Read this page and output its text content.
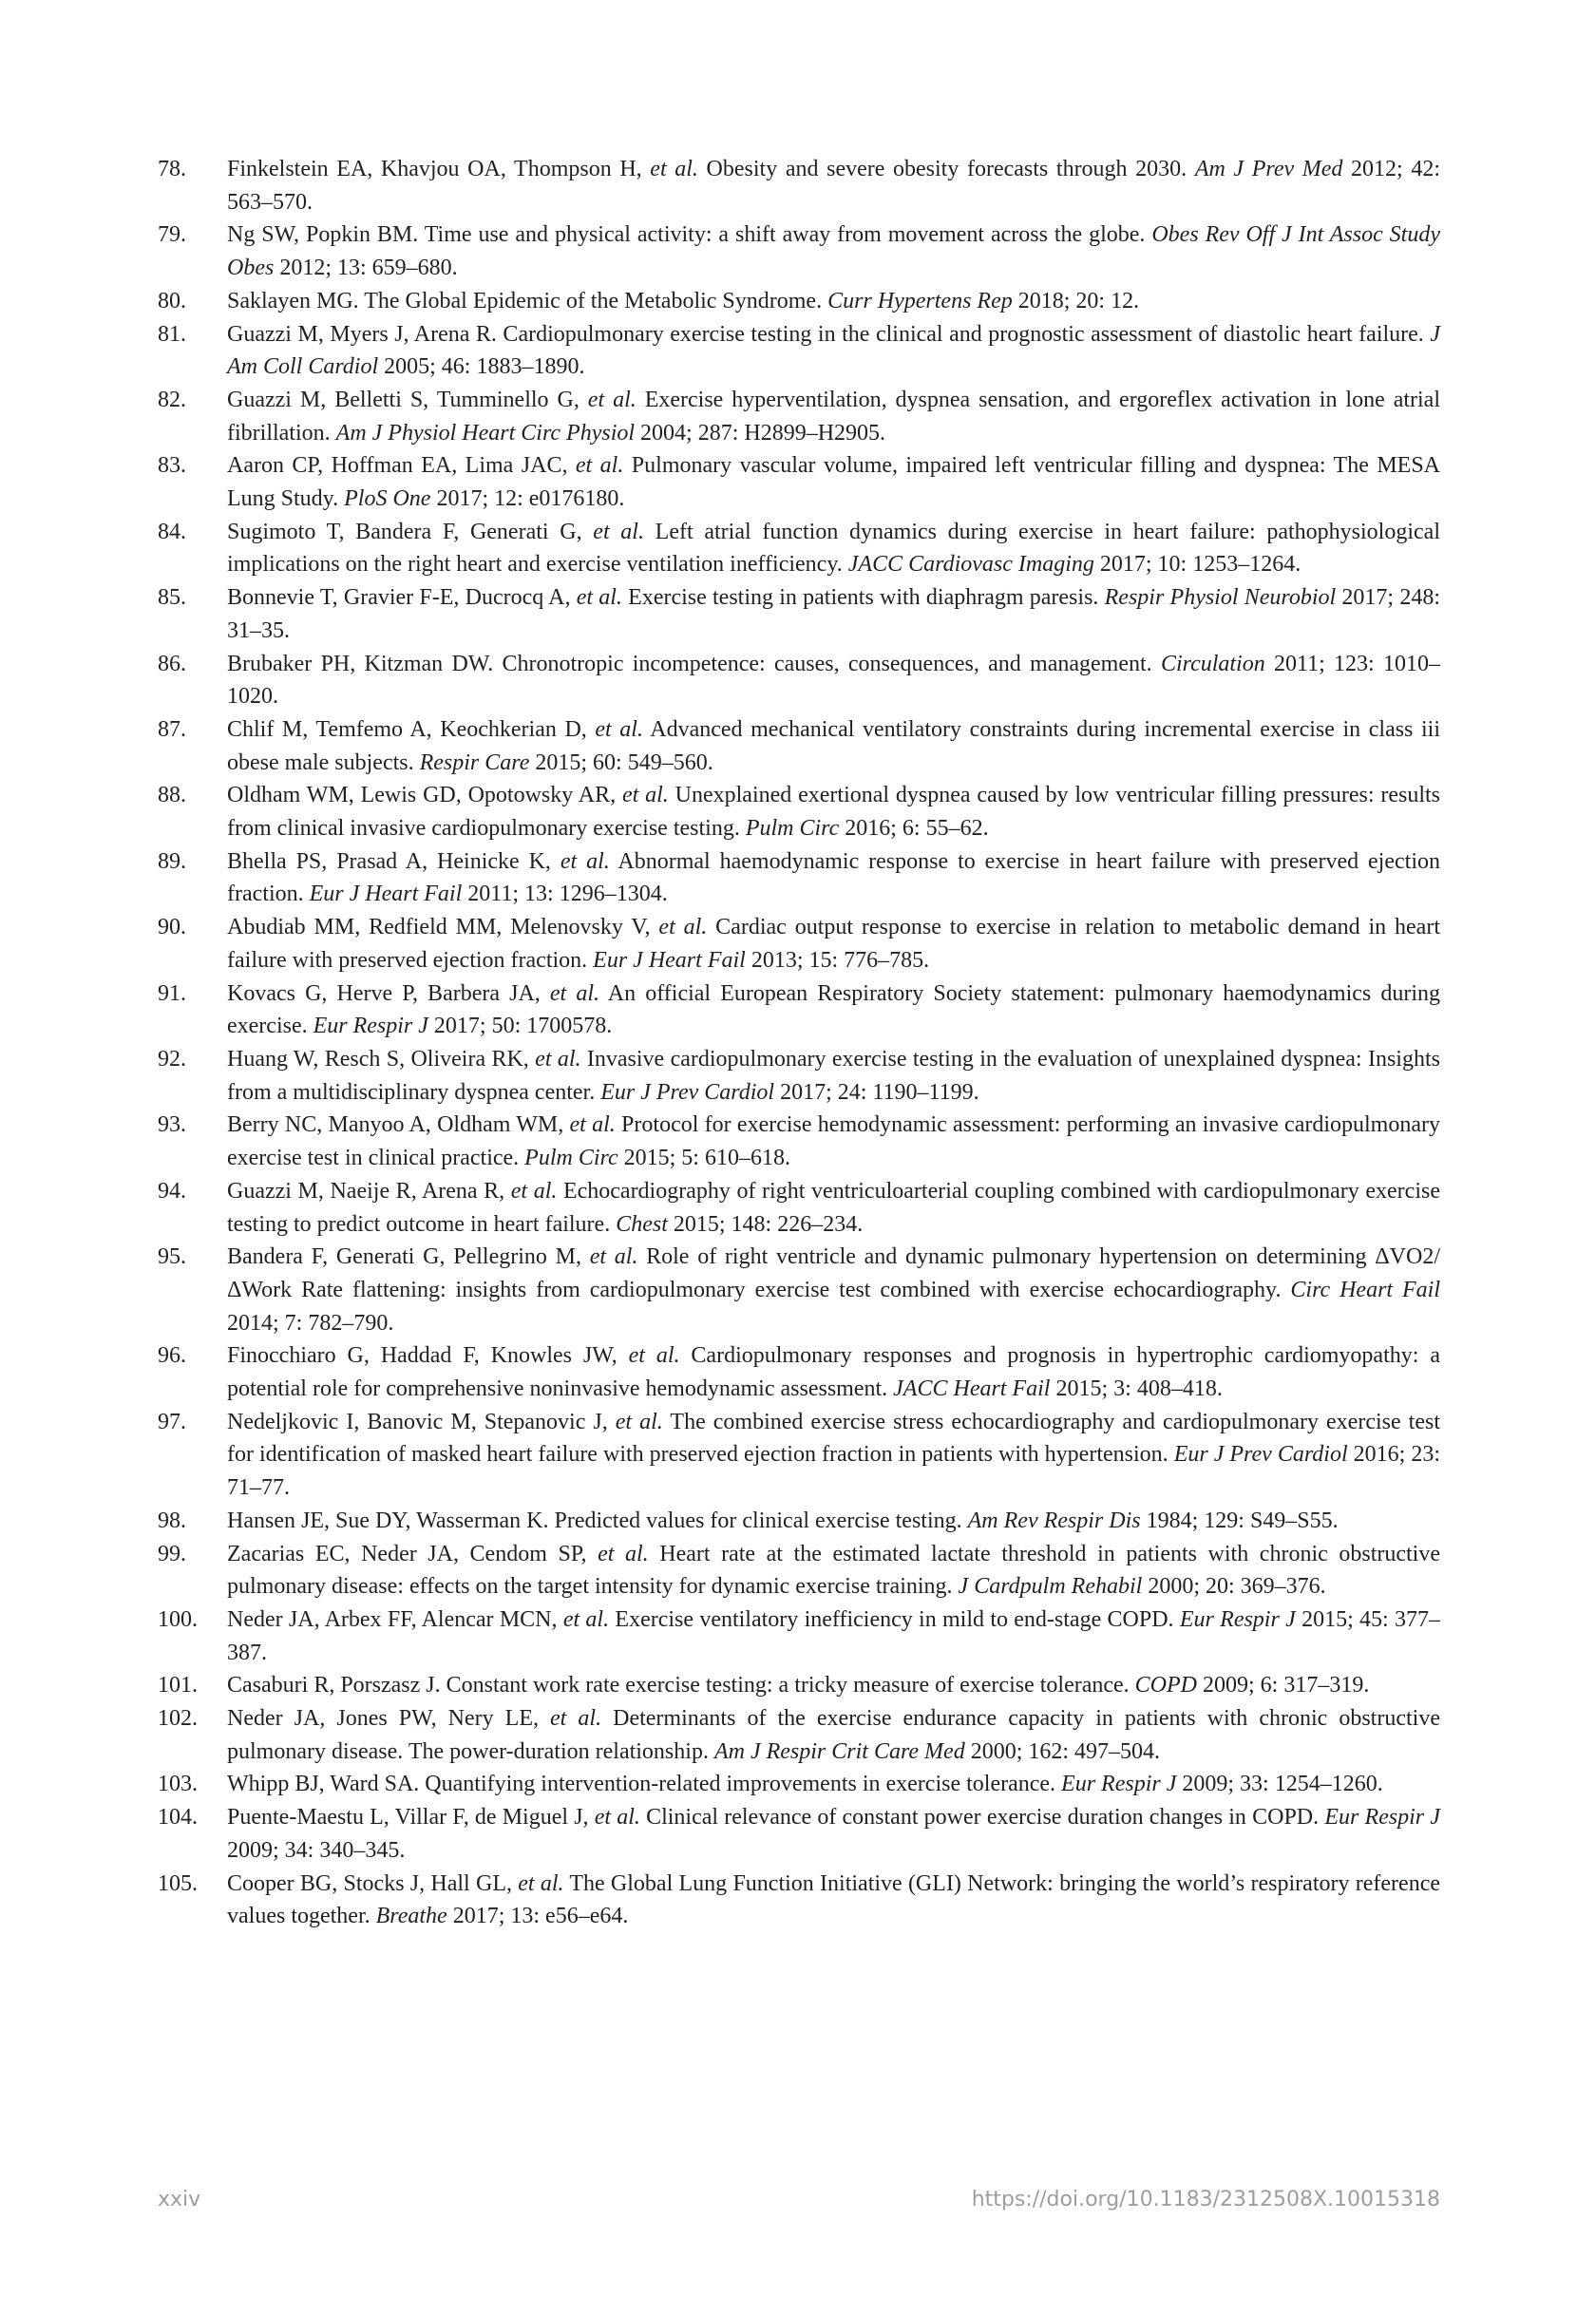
78.	Finkelstein EA, Khavjou OA, Thompson H, et al. Obesity and severe obesity forecasts through 2030. Am J Prev Med 2012; 42: 563–570.
79.	Ng SW, Popkin BM. Time use and physical activity: a shift away from movement across the globe. Obes Rev Off J Int Assoc Study Obes 2012; 13: 659–680.
80.	Saklayen MG. The Global Epidemic of the Metabolic Syndrome. Curr Hypertens Rep 2018; 20: 12.
81.	Guazzi M, Myers J, Arena R. Cardiopulmonary exercise testing in the clinical and prognostic assessment of diastolic heart failure. J Am Coll Cardiol 2005; 46: 1883–1890.
82.	Guazzi M, Belletti S, Tumminello G, et al. Exercise hyperventilation, dyspnea sensation, and ergoreflex activation in lone atrial fibrillation. Am J Physiol Heart Circ Physiol 2004; 287: H2899–H2905.
83.	Aaron CP, Hoffman EA, Lima JAC, et al. Pulmonary vascular volume, impaired left ventricular filling and dyspnea: The MESA Lung Study. PloS One 2017; 12: e0176180.
84.	Sugimoto T, Bandera F, Generati G, et al. Left atrial function dynamics during exercise in heart failure: pathophysiological implications on the right heart and exercise ventilation inefficiency. JACC Cardiovasc Imaging 2017; 10: 1253–1264.
85.	Bonnevie T, Gravier F-E, Ducrocq A, et al. Exercise testing in patients with diaphragm paresis. Respir Physiol Neurobiol 2017; 248: 31–35.
86.	Brubaker PH, Kitzman DW. Chronotropic incompetence: causes, consequences, and management. Circulation 2011; 123: 1010–1020.
87.	Chlif M, Temfemo A, Keochkerian D, et al. Advanced mechanical ventilatory constraints during incremental exercise in class iii obese male subjects. Respir Care 2015; 60: 549–560.
88.	Oldham WM, Lewis GD, Opotowsky AR, et al. Unexplained exertional dyspnea caused by low ventricular filling pressures: results from clinical invasive cardiopulmonary exercise testing. Pulm Circ 2016; 6: 55–62.
89.	Bhella PS, Prasad A, Heinicke K, et al. Abnormal haemodynamic response to exercise in heart failure with preserved ejection fraction. Eur J Heart Fail 2011; 13: 1296–1304.
90.	Abudiab MM, Redfield MM, Melenovsky V, et al. Cardiac output response to exercise in relation to metabolic demand in heart failure with preserved ejection fraction. Eur J Heart Fail 2013; 15: 776–785.
91.	Kovacs G, Herve P, Barbera JA, et al. An official European Respiratory Society statement: pulmonary haemodynamics during exercise. Eur Respir J 2017; 50: 1700578.
92.	Huang W, Resch S, Oliveira RK, et al. Invasive cardiopulmonary exercise testing in the evaluation of unexplained dyspnea: Insights from a multidisciplinary dyspnea center. Eur J Prev Cardiol 2017; 24: 1190–1199.
93.	Berry NC, Manyoo A, Oldham WM, et al. Protocol for exercise hemodynamic assessment: performing an invasive cardiopulmonary exercise test in clinical practice. Pulm Circ 2015; 5: 610–618.
94.	Guazzi M, Naeije R, Arena R, et al. Echocardiography of right ventriculoarterial coupling combined with cardiopulmonary exercise testing to predict outcome in heart failure. Chest 2015; 148: 226–234.
95.	Bandera F, Generati G, Pellegrino M, et al. Role of right ventricle and dynamic pulmonary hypertension on determining ΔVO2/ΔWork Rate flattening: insights from cardiopulmonary exercise test combined with exercise echocardiography. Circ Heart Fail 2014; 7: 782–790.
96.	Finocchiaro G, Haddad F, Knowles JW, et al. Cardiopulmonary responses and prognosis in hypertrophic cardiomyopathy: a potential role for comprehensive noninvasive hemodynamic assessment. JACC Heart Fail 2015; 3: 408–418.
97.	Nedeljkovic I, Banovic M, Stepanovic J, et al. The combined exercise stress echocardiography and cardiopulmonary exercise test for identification of masked heart failure with preserved ejection fraction in patients with hypertension. Eur J Prev Cardiol 2016; 23: 71–77.
98.	Hansen JE, Sue DY, Wasserman K. Predicted values for clinical exercise testing. Am Rev Respir Dis 1984; 129: S49–S55.
99.	Zacarias EC, Neder JA, Cendom SP, et al. Heart rate at the estimated lactate threshold in patients with chronic obstructive pulmonary disease: effects on the target intensity for dynamic exercise training. J Cardpulm Rehabil 2000; 20: 369–376.
100.	Neder JA, Arbex FF, Alencar MCN, et al. Exercise ventilatory inefficiency in mild to end-stage COPD. Eur Respir J 2015; 45: 377–387.
101.	Casaburi R, Porszasz J. Constant work rate exercise testing: a tricky measure of exercise tolerance. COPD 2009; 6: 317–319.
102.	Neder JA, Jones PW, Nery LE, et al. Determinants of the exercise endurance capacity in patients with chronic obstructive pulmonary disease. The power-duration relationship. Am J Respir Crit Care Med 2000; 162: 497–504.
103.	Whipp BJ, Ward SA. Quantifying intervention-related improvements in exercise tolerance. Eur Respir J 2009; 33: 1254–1260.
104.	Puente-Maestu L, Villar F, de Miguel J, et al. Clinical relevance of constant power exercise duration changes in COPD. Eur Respir J 2009; 34: 340–345.
105.	Cooper BG, Stocks J, Hall GL, et al. The Global Lung Function Initiative (GLI) Network: bringing the world’s respiratory reference values together. Breathe 2017; 13: e56–e64.
xxiv	https://doi.org/10.1183/2312508X.10015318
